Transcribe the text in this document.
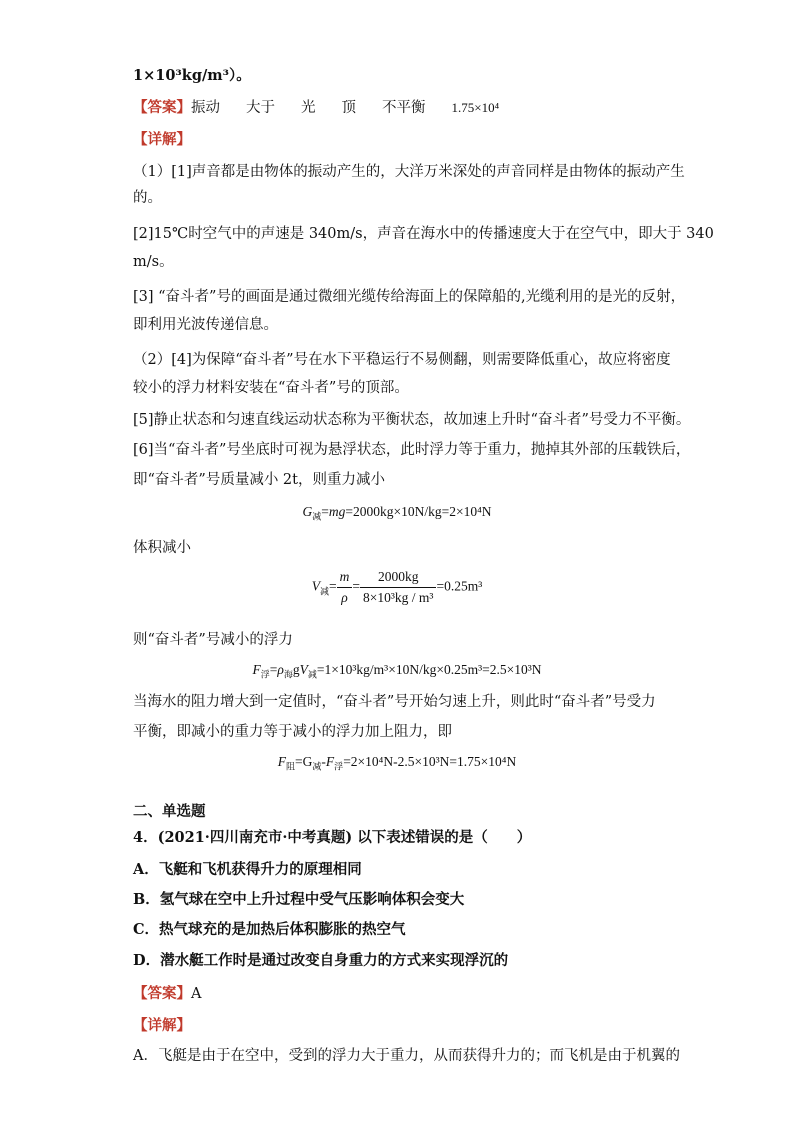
1×10³kg/m³）。
【答案】振动 大于 光 顶 不平衡 1.75×10⁴
【详解】
（1）[1]声音都是由物体的振动产生的，大洋万米深处的声音同样是由物体的振动产生
的。
[2]15℃时空气中的声速是 340m/s，声音在海水中的传播速度大于在空气中，即大于 340
m/s。
[3] “奋斗者”号的画面是通过微细光缆传给海面上的保障船的,光缆利用的是光的反射，
即利用光波传递信息。
（2）[4]为保障“奋斗者”号在水下平稳运行不易侧翻，则需要降低重心，故应将密度
较小的浮力材料安装在“奋斗者”号的顶部。
[5]静止状态和匀速直线运动状态称为平衡状态，故加速上升时“奋斗者”号受力不平衡。
[6]当“奋斗者”号坐底时可视为悬浮状态，此时浮力等于重力，抛掉其外部的压载铁后，
即“奋斗者”号质量减小 2t，则重力减小
$G_减=mg=2000kg\times 10N/kg=2\times 10^4N$
体积减小
$V_减= \frac{m}{\rho} = \frac{2000kg}{\text{8×10³kg / m³}} =0.25m^3$
则“奋斗者”号减小的浮力
$F_浮=\rho_海gV_减=1\times 10^3kg/m^3\times 10N/kg\times 0.25m^3=2.5\times 10^3N$
当海水的阻力增大到一定值时，“奋斗者”号开始匀速上升，则此时“奋斗者”号受力
平衡，即减小的重力等于减小的浮力加上阻力，即
$F_阻=G_减-F_浮=2\times 10^4N-2.5\times 10^3N=1.75\times 10^4N$
二、单选题
4．(2021·四川南充市·中考真题) 以下表述错误的是（　　）
A．飞艇和飞机获得升力的原理相同
B．氢气球在空中上升过程中受气压影响体积会变大
C．热气球充的是加热后体积膨胀的热空气
D．潜水艇工作时是通过改变自身重力的方式来实现浮沉的
【答案】A
【详解】
A．飞艇是由于在空中，受到的浮力大于重力，从而获得升力的；而飞机是由于机翼的
